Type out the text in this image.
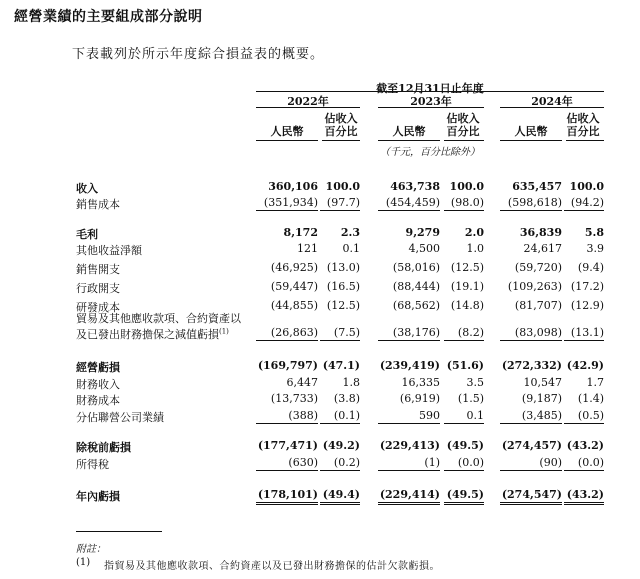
經營業績的主要組成部分說明
下表載列於所示年度綜合損益表的概要。
截至12月31日止年度
2022年	2023年	2024年
人民幣
佔收入
百分比	人民幣
佔收入
百分比	人民幣
佔收入
百分比
（千元，百分比除外）
收入	360,106 100.0	463,738 100.0	635,457 100.0
銷售成本	(351,934) (97.7)	(454,459) (98.0)	(598,618) (94.2)
毛利	8,172	2.3	9,279	2.0	36,839	5.8
其他收益淨額	121	0.1	4,500	1.0	24,617	3.9
銷售開支	(46,925) (13.0)	(58,016) (12.5)	(59,720)	(9.4)
行政開支	(59,447) (16.5)	(88,444) (19.1)	(109,263) (17.2)
研發成本	(44,855) (12.5)	(68,562) (14.8)	(81,707) (12.9)
貿易及其他應收款項、合約資產以
及已發出財務擔保之減值虧損$^{(1)}$	(26,863)	(7.5)	(38,176)	(8.2)	(83,098) (13.1)
經營虧損	(169,797) (47.1) (239,419) (51.6) (272,332) (42.9)
財務收入	6,447	1.8	16,335	3.5	10,547	1.7
財務成本	(13,733)	(3.8)	(6,919)	(1.5)	(9,187)	(1.4)
分佔聯營公司業績	(388)	(0.1)	590	0.1	(3,485)	(0.5)
除稅前虧損	(177,471) (49.2) (229,413) (49.5) (274,457) (43.2)
所得稅	(630)	(0.2)	(1)	(0.0)	(90)	(0.0)
年內虧損	(178,101) (49.4) (229,414) (49.5) (274,547) (43.2)
附註：
(1) 指貿易及其他應收款項、合約資產以及已發出財務擔保的估計欠款虧損。
